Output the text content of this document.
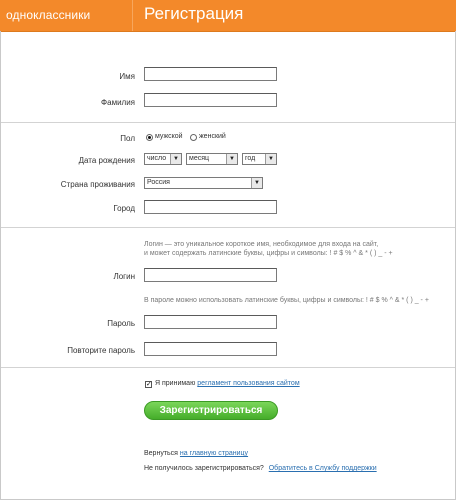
одноклассники	Регистрация
Имя
Фамилия
Пол	мужской женский
Дата рождения	число	▼	месяц	▼	год	▼
Страна проживания	Россия	▼
Город
Логин — это уникальное короткое имя, необходимое для входа на сайт,
и может содержать латинские буквы, цифры и символы: ! # $ % ^ & * ( ) _ - +
Логин
В пароле можно использовать латинские буквы, цифры и символы: ! # $ % ^ & * ( ) _ - +
Пароль
Повторите пароль
✓ Я принимаю регламент пользования сайтом
Зарегистрироваться
Вернуться на главную страницу
Не получилось зарегистрироваться? Обратитесь в Службу поддержки
